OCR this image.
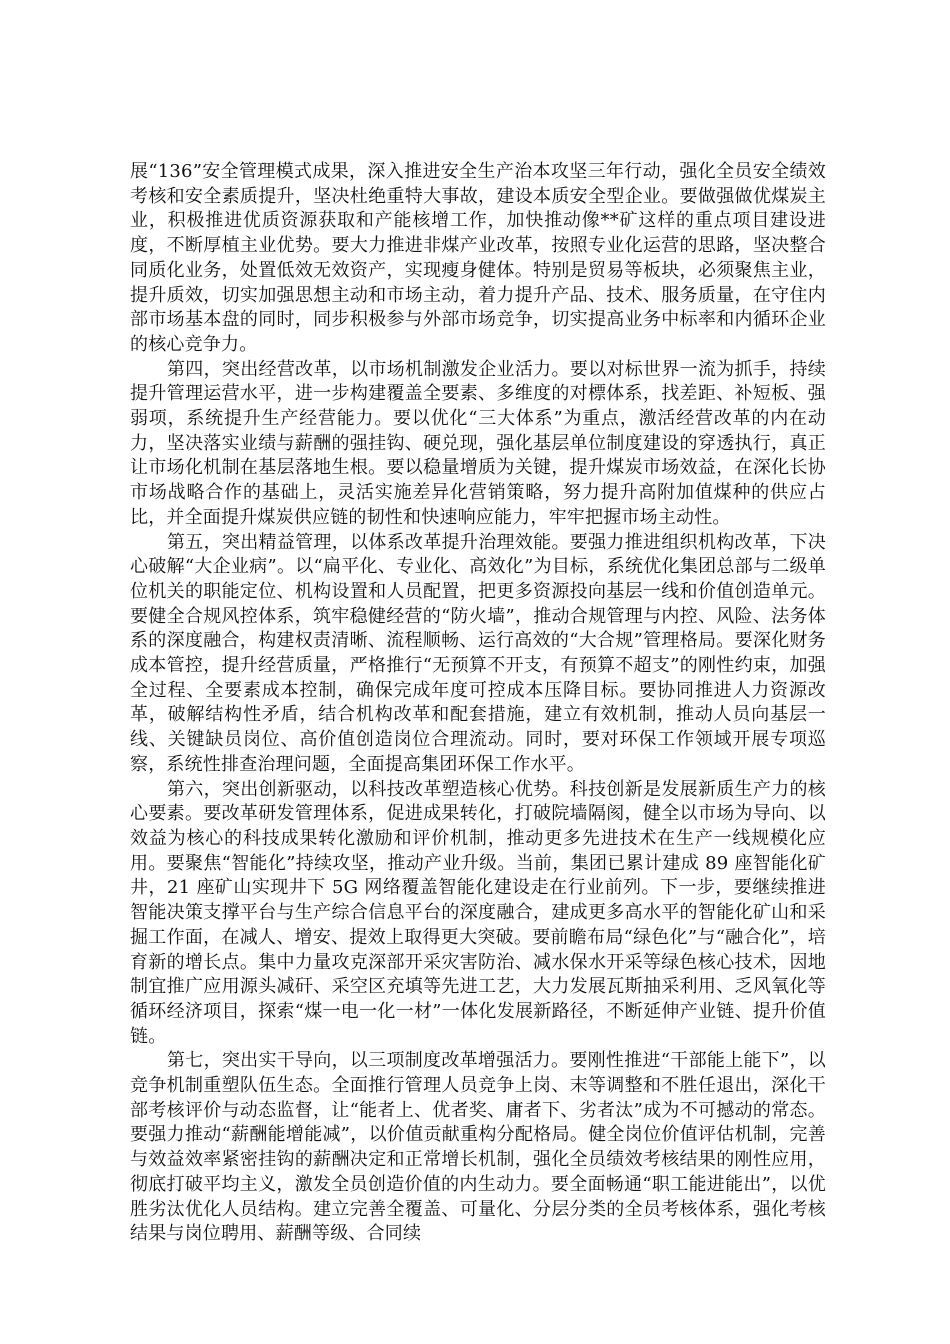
展“136”安全管理模式成果，深入推进安全生产治本攻坚三年行动，强化全员安全绩效考核和安全素质提升，坚决杜绝重特大事故，建设本质安全型企业。要做强做优煤炭主业，积极推进优质资源获取和产能核增工作，加快推动像**矿这样的重点项目建设进度，不断厚植主业优势。要大力推进非煤产业改革，按照专业化运营的思路，坚决整合同质化业务，处置低效无效资产，实现瘦身健体。特别是贸易等板块，必须聚焦主业，提升质效，切实加强思想主动和市场主动，着力提升产品、技术、服务质量，在守住内部市场基本盘的同时，同步积极参与外部市场竞争，切实提高业务中标率和内循环企业的核心竞争力。

第四，突出经营改革，以市场机制激发企业活力。要以对标世界一流为抓手，持续提升管理运营水平，进一步构建覆盖全要素、多维度的对標体系，找差距、补短板、强弱项，系统提升生产经营能力。要以优化“三大体系”为重点，激活经营改革的内在动力，坚决落实业绩与薪酬的强挂钩、硬兑现，强化基层单位制度建设的穿透执行，真正让市场化机制在基层落地生根。要以稳量增质为关键，提升煤炭市场效益，在深化长协市场战略合作的基础上，灵活实施差异化营销策略，努力提升高附加值煤种的供应占比，并全面提升煤炭供应链的韧性和快速响应能力，牢牢把握市场主动性。

第五，突出精益管理，以体系改革提升治理效能。要强力推进组织机构改革，下决心破解“大企业病”。以“扁平化、专业化、高效化”为目标，系统优化集团总部与二级单位机关的职能定位、机构设置和人员配置，把更多资源投向基层一线和价值创造单元。要健全合规风控体系，筑牢稳健经营的“防火墙”，推动合规管理与内控、风险、法务体系的深度融合，构建权责清晰、流程顺畅、运行高效的“大合规”管理格局。要深化财务成本管控，提升经营质量，严格推行“无预算不开支，有预算不超支”的刚性约束，加强全过程、全要素成本控制，确保完成年度可控成本压降目标。要协同推进人力资源改革，破解结构性矛盾，结合机构改革和配套措施，建立有效机制，推动人员向基层一线、关键缺员岗位、高价值创造岗位合理流动。同时，要对环保工作领域开展专项巡察，系统性排查治理问题，全面提高集团环保工作水平。

第六，突出创新驱动，以科技改革塑造核心优势。科技创新是发展新质生产力的核心要素。要改革研发管理体系，促进成果转化，打破院墙隔阂，健全以市场为导向、以效益为核心的科技成果转化激励和评价机制，推动更多先进技术在生产一线规模化应用。要聚焦“智能化”持续攻坚，推动产业升级。当前，集团已累计建成 89 座智能化矿井，21 座矿山实现井下 5G 网络覆盖智能化建设走在行业前列。下一步，要继续推进智能决策支撑平台与生产综合信息平台的深度融合，建成更多高水平的智能化矿山和采掘工作面，在减人、增安、提效上取得更大突破。要前瞻布局“绿色化”与“融合化”，培育新的增长点。集中力量攻克深部开采灾害防治、减水保水开采等绿色核心技术，因地制宜推广应用源头减矸、采空区充填等先进工艺，大力发展瓦斯抽采利用、乏风氧化等循环经济项目，探索“煤一电一化一材”一体化发展新路径，不断延伸产业链、提升价值链。

第七，突出实干导向，以三项制度改革增强活力。要刚性推进“干部能上能下”，以竞争机制重塑队伍生态。全面推行管理人员竞争上岗、末等调整和不胜任退出，深化干部考核评价与动态监督，让“能者上、优者奖、庸者下、劣者汰”成为不可撼动的常态。要强力推动“薪酬能增能减”，以价值贡献重构分配格局。健全岗位价值评估机制，完善与效益效率紧密挂钩的薪酬决定和正常增长机制，强化全员绩效考核结果的刚性应用，彻底打破平均主义，激发全员创造价值的内生动力。要全面畅通“职工能进能出”，以优胜劣汰优化人员结构。建立完善全覆盖、可量化、分层分类的全员考核体系，强化考核结果与岗位聘用、薪酬等级、合同续
